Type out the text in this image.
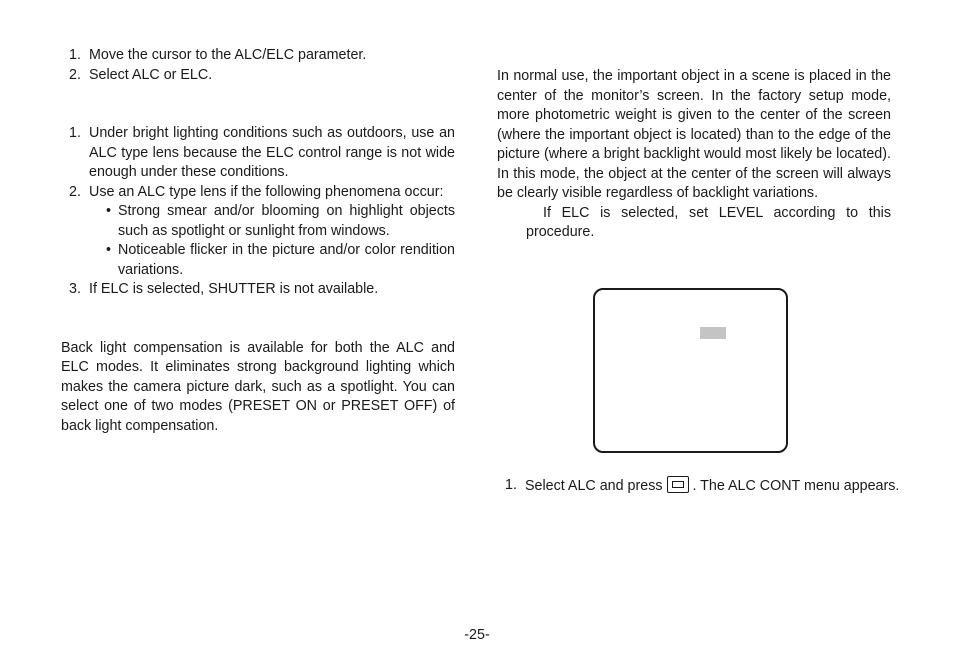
1. Move the cursor to the ALC/ELC parameter.
2. Select ALC or ELC.
1. Under bright lighting conditions such as outdoors, use an ALC type lens because the ELC control range is not wide enough under these conditions.
2. Use an ALC type lens if the following phenomena occur:
• Strong smear and/or blooming on highlight objects such as spotlight or sunlight from windows.
• Noticeable flicker in the picture and/or color rendition variations.
3. If ELC is selected, SHUTTER is not available.
Back light compensation is available for both the ALC and ELC modes. It eliminates strong background lighting which makes the camera picture dark, such as a spotlight. You can select one of two modes (PRESET ON or PRESET OFF) of back light compensation.
In normal use, the important object in a scene is placed in the center of the monitor’s screen. In the factory setup mode, more photometric weight is given to the center of the screen (where the important object is located) than to the edge of the picture (where a bright backlight would most likely be located). In this mode, the object at the center of the screen will always be clearly visible regardless of backlight variations.
If ELC is selected, set LEVEL according to this procedure.
1. Select ALC and press . The ALC CONT menu appears.
-25-
